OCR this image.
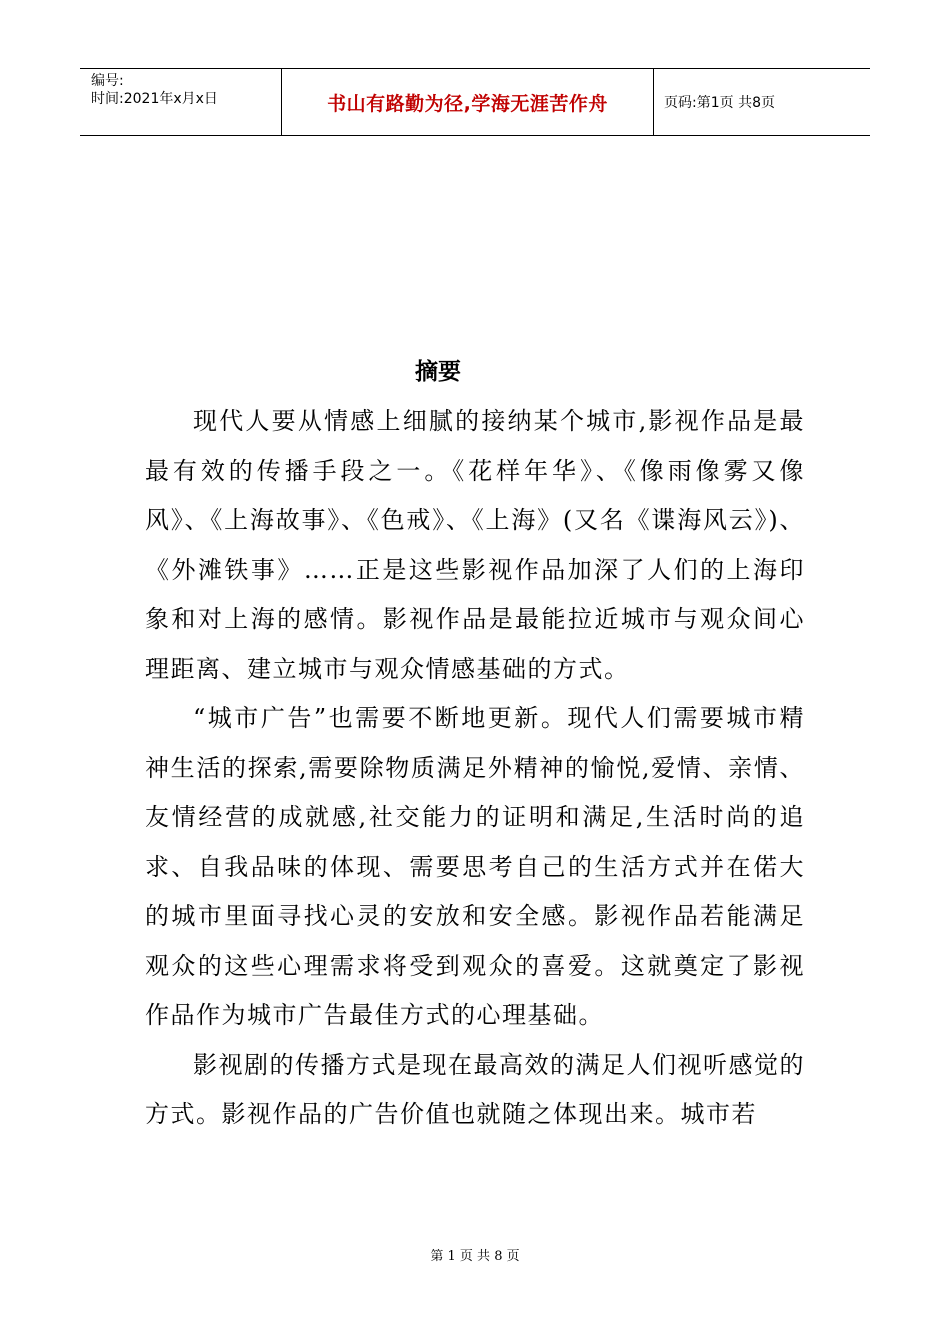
编号:
时间:2021年x月x日	书山有路勤为径,学海无涯苦作舟	页码:第1页 共8页
摘要

现代人要从情感上细腻的接纳某个城市,影视作品是最最有效的传播手段之一。《花样年华》、《像雨像雾又像风》、《上海故事》、《色戒》、《上海》(又名《谍海风云》)、《外滩铁事》……正是这些影视作品加深了人们的上海印象和对上海的感情。影视作品是最能拉近城市与观众间心理距离、建立城市与观众情感基础的方式。

“城市广告”也需要不断地更新。现代人们需要城市精神生活的探索,需要除物质满足外精神的愉悦,爱情、亲情、友情经营的成就感,社交能力的证明和满足,生活时尚的追求、自我品味的体现、需要思考自己的生活方式并在偌大的城市里面寻找心灵的安放和安全感。影视作品若能满足观众的这些心理需求将受到观众的喜爱。这就奠定了影视作品作为城市广告最佳方式的心理基础。

影视剧的传播方式是现在最高效的满足人们视听感觉的方式。影视作品的广告价值也就随之体现出来。城市若

第 1 页 共 8 页
